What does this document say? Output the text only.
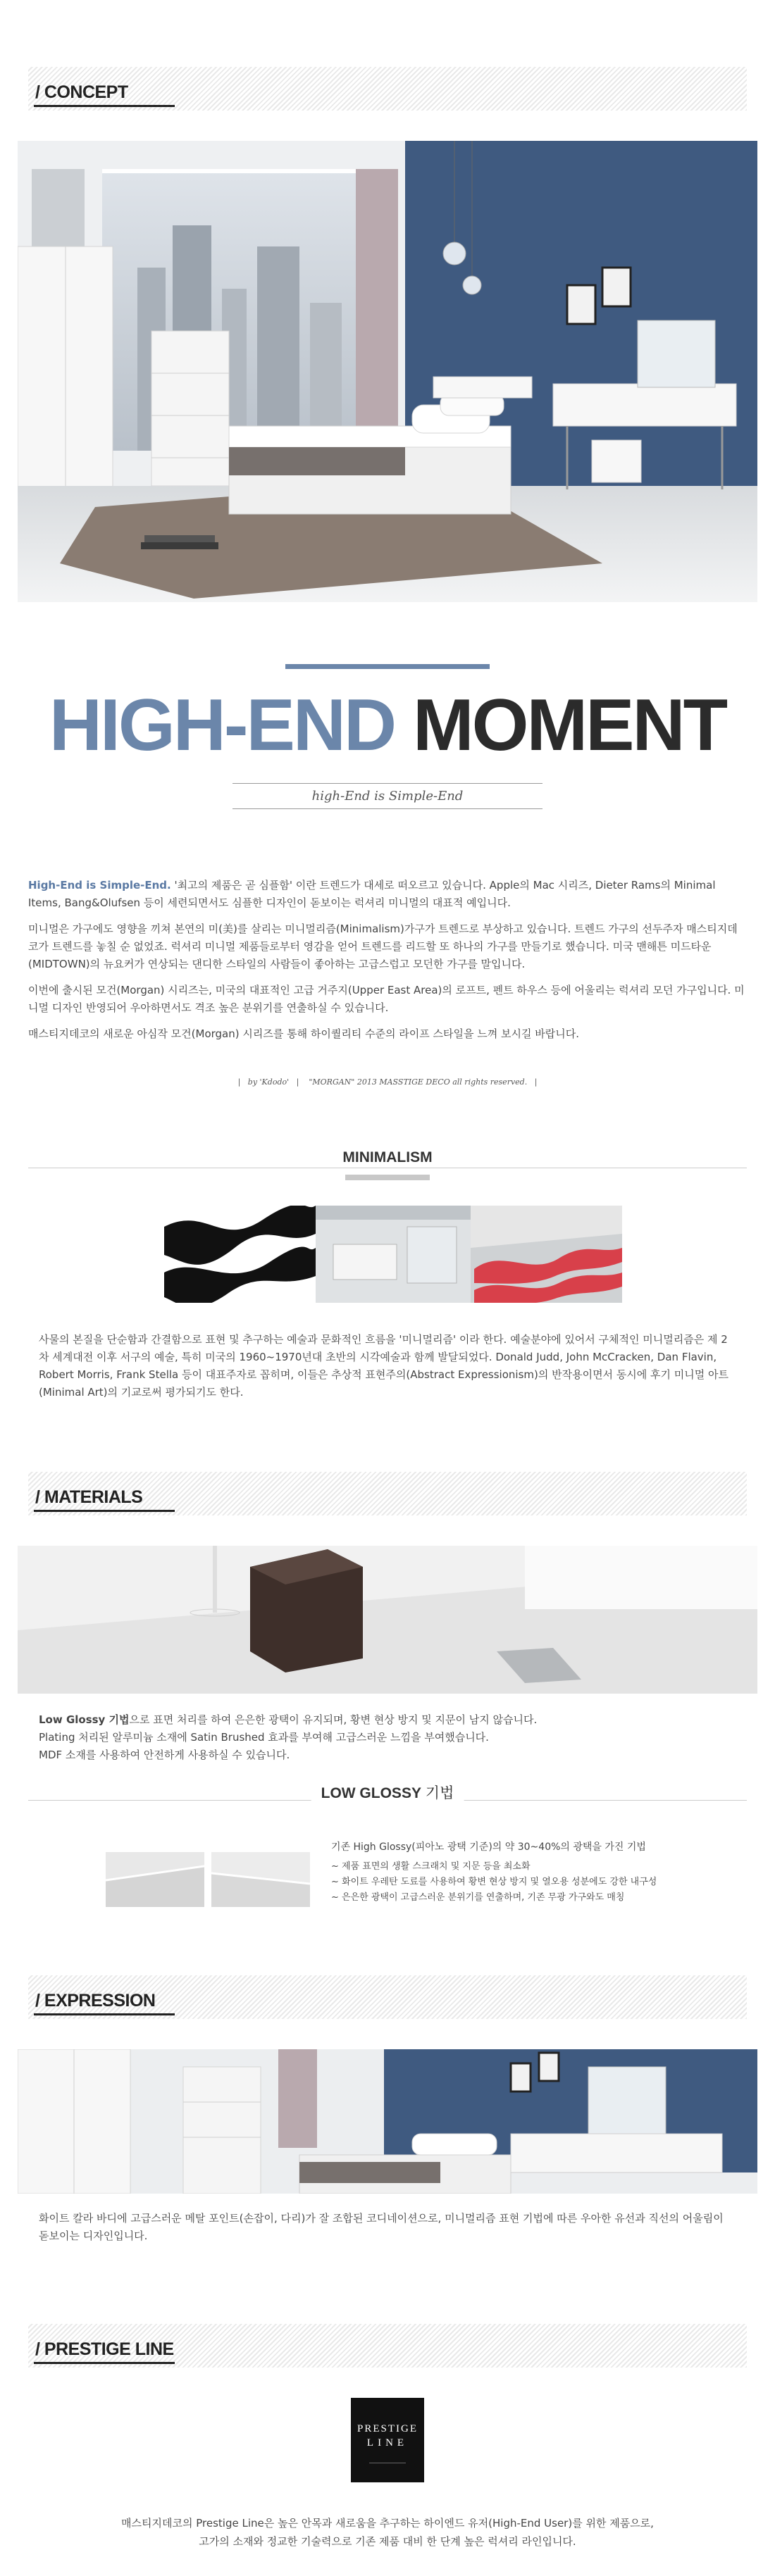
/ CONCEPT
HIGH-END MOMENT
high-End is Simple-End

High-End is Simple-End. '최고의 제품은 곧 심플함' 이란 트렌드가 대세로 떠오르고 있습니다. Apple의 Mac 시리즈, Dieter Rams의 Minimal Items, Bang&Olufsen 등이 세련되면서도 심플한 디자인이 돋보이는 럭셔리 미니멀의 대표적 예입니다.

미니멀은 가구에도 영향을 끼쳐 본연의 미(美)를 살리는 미니멀리즘(Minimalism)가구가 트렌드로 부상하고 있습니다. 트렌드 가구의 선두주자 매스티지데코가 트렌드를 놓칠 순 없었죠. 럭셔리 미니멀 제품들로부터 영감을 얻어 트렌드를 리드할 또 하나의 가구를 만들기로 했습니다. 미국 맨해튼 미드타운(MIDTOWN)의 뉴요커가 연상되는 댄디한 스타일의 사람들이 좋아하는 고급스럽고 모던한 가구를 말입니다.

이번에 출시된 모건(Morgan) 시리즈는, 미국의 대표적인 고급 거주지(Upper East Area)의 로프트, 펜트 하우스 등에 어울리는 럭셔리 모던 가구입니다. 미니멀 디자인 반영되어 우아하면서도 격조 높은 분위기를 연출하실 수 있습니다.

매스티지데코의 새로운 아심작 모건(Morgan) 시리즈를 통해 하이퀄리티 수준의 라이프 스타일을 느껴 보시길 바랍니다.

|   by 'Kdodo'   |    "MORGAN" 2013 MASSTIGE DECO all rights reserved.   |
MINIMALISM
사물의 본질을 단순함과 간결함으로 표현 및 추구하는 예술과 문화적인 흐름을 '미니멀리즘' 이라 한다. 예술분야에 있어서 구체적인 미니멀리즘은 제 2차 세계대전 이후 서구의 예술, 특히 미국의 1960~1970년대 초반의 시각예술과 함께 발달되었다. Donald Judd, John McCracken, Dan Flavin, Robert Morris, Frank Stella 등이 대표주자로 꼽히며, 이들은 추상적 표현주의(Abstract Expressionism)의 반작용이면서 동시에 후기 미니멀 아트(Minimal Art)의 기교로써 평가되기도 한다.
/ MATERIALS
Low Glossy 기법으로 표면 처리를 하여 은은한 광택이 유지되며, 황변 현상 방지 및 지문이 남지 않습니다.
Plating 처리된 알루미늄 소재에 Satin Brushed 효과를 부여해 고급스러운 느낌을 부여했습니다.
MDF 소재를 사용하여 안전하게 사용하실 수 있습니다.
LOW GLOSSY 기법
기존 High Glossy(피아노 광택 기준)의 약 30~40%의 광택을 가진 기법
~ 제품 표면의 생활 스크래치 및 지문 등을 최소화
~ 화이트 우레탄 도료를 사용하여 황변 현상 방지 및 열오용 성분에도 강한 내구성
~ 은은한 광택이 고급스러운 분위기를 연출하며, 기존 무광 가구와도 매칭
/ EXPRESSION
화이트 칼라 바디에 고급스러운 메탈 포인트(손잡이, 다리)가 잘 조합된 코디네이션으로, 미니멀리즘 표현 기법에 따른 우아한 유선과 직선의 어울림이 돋보이는 디자인입니다.
/ PRESTIGE LINE
PRESTIGE
LINE
매스티지데코의 Prestige Line은 높은 안목과 새로움을 추구하는 하이엔드 유저(High-End User)를 위한 제품으로,
고가의 소재와 정교한 기술력으로 기존 제품 대비 한 단계 높은 럭셔리 라인입니다.
